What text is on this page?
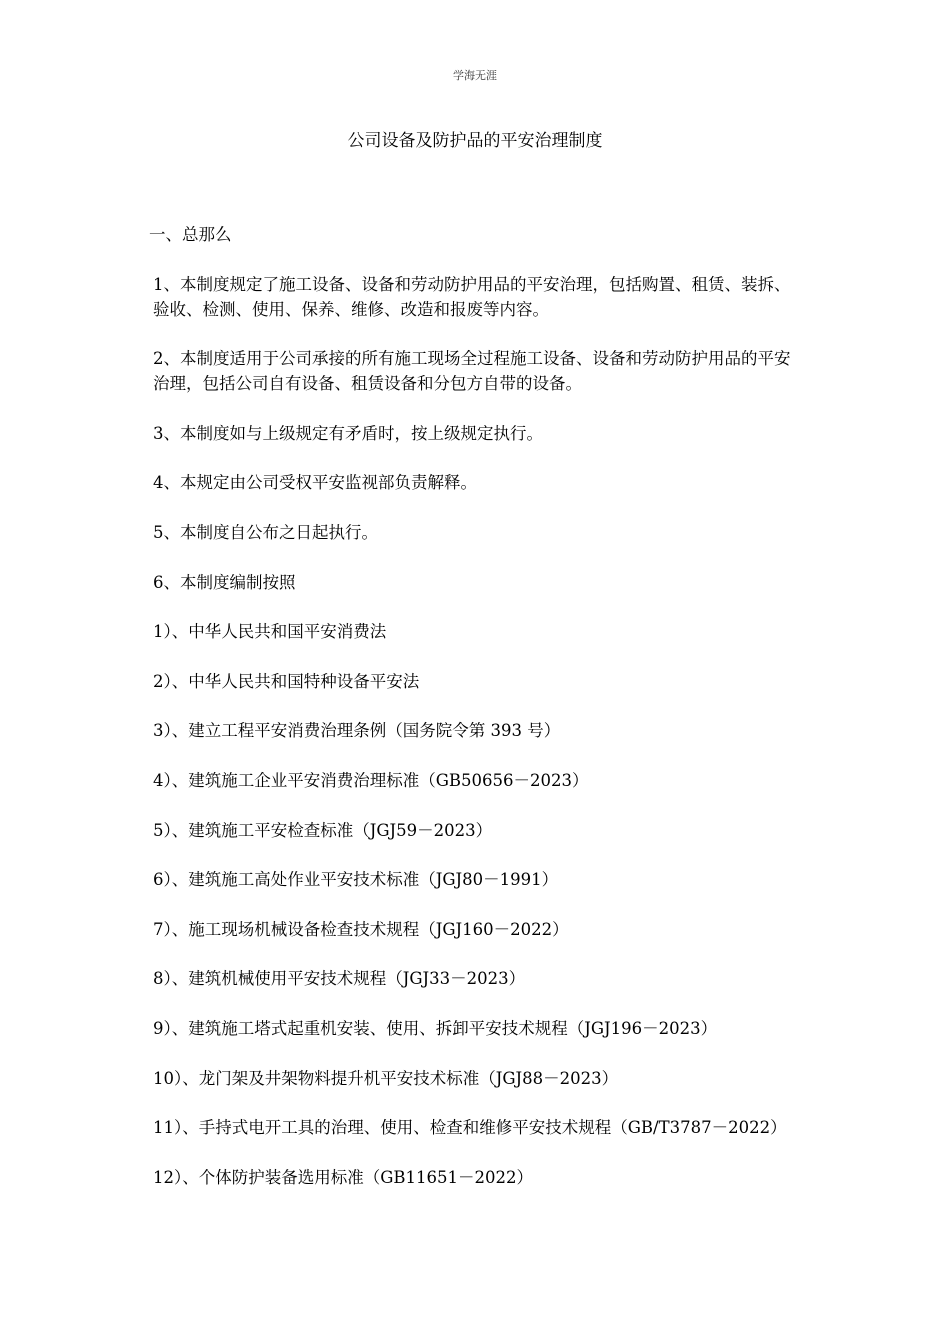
学海无涯
公司设备及防护品的平安治理制度

一、总那么

1、本制度规定了施工设备、设备和劳动防护用品的平安治理，包括购置、租赁、装拆、验收、检测、使用、保养、维修、改造和报废等内容。

2、本制度适用于公司承接的所有施工现场全过程施工设备、设备和劳动防护用品的平安治理，包括公司自有设备、租赁设备和分包方自带的设备。

3、本制度如与上级规定有矛盾时，按上级规定执行。

4、本规定由公司受权平安监视部负责解释。

5、本制度自公布之日起执行。

6、本制度编制按照

1）、中华人民共和国平安消费法

2）、中华人民共和国特种设备平安法

3）、建立工程平安消费治理条例（国务院令第 393 号）

4）、建筑施工企业平安消费治理标准（GB50656－2023）

5）、建筑施工平安检查标准（JGJ59－2023）

6）、建筑施工高处作业平安技术标准（JGJ80－1991）

7）、施工现场机械设备检查技术规程（JGJ160－2022）

8）、建筑机械使用平安技术规程（JGJ33－2023）

9）、建筑施工塔式起重机安装、使用、拆卸平安技术规程（JGJ196－2023）

10）、龙门架及井架物料提升机平安技术标准（JGJ88－2023）

11）、手持式电开工具的治理、使用、检查和维修平安技术规程（GB/T3787－2022）

12）、个体防护装备选用标准（GB11651－2022）
